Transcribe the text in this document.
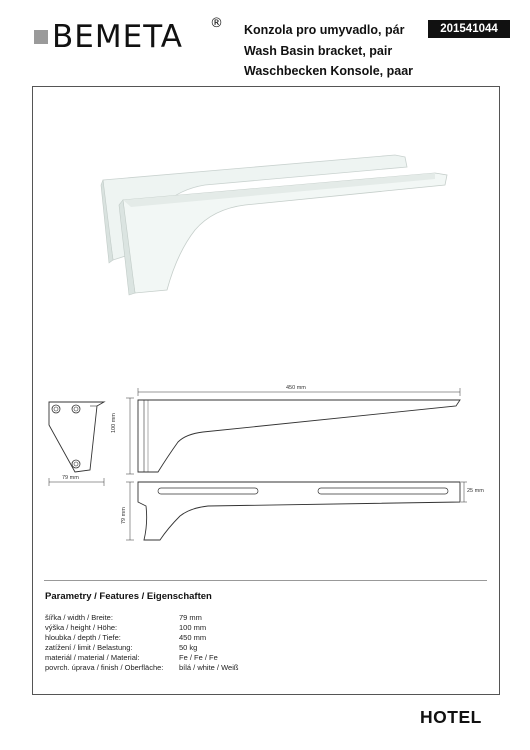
BEMETA ® Konzola pro umyvadlo, pár
Wash Basin bracket, pair
Waschbecken Konsole, paar
201541044
79 mm
450 mm
100 mm
79 mm
25 mm
Parametry / Features / Eigenschaften
šířka / width / Breite:	79 mm
výška / height / Höhe:	100 mm
hloubka / depth / Tiefe:	450 mm
zatížení / limit / Belastung:	50 kg
materiál / material / Material:	Fe / Fe / Fe
povrch. úprava / finish / Oberfläche: bílá / white / Weiß
HOTEL
